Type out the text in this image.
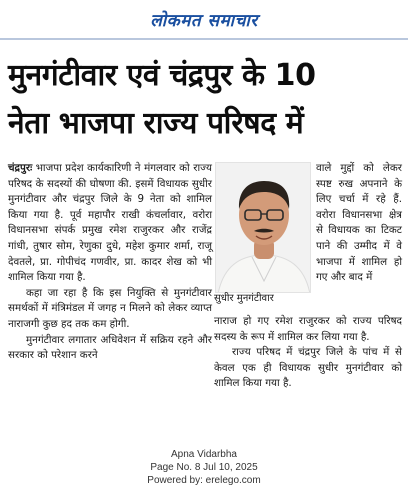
लोकमत समाचार
मुनगंटीवार एवं चंद्रपुर के 10
नेता भाजपा राज्य परिषद में

चंद्रपुरः भाजपा प्रदेश कार्यकारिणी ने मंगलवार को राज्य परिषद के सदस्यों की घोषणा की. इसमें विधायक सुधीर मुनगंटीवार और चंद्रपुर जिले के 9 नेता को शामिल किया गया है. पूर्व महापौर राखी कंचर्लावार, वरोरा विधानसभा संपर्क प्रमुख रमेश राजुरकर और राजेंद्र गांधी, तुषार सोम, रेणुका दुधे, महेश कुमार शर्मा, राजू देवतले, प्रा. गोपीचंद गणवीर, प्रा. कादर शेख को भी शामिल किया गया है.

कहा जा रहा है कि इस नियुक्ति से मुनगंटीवार समर्थकों में मंत्रिमंडल में जगह न मिलने को लेकर व्याप्त नाराजगी कुछ हद तक कम होगी.

मुनगंटीवार लगातार अधिवेशन में सक्रिय रहने और सरकार को परेशान करने

सुधीर मुनगंटीवार
वाले मुद्दों को लेकर स्पष्ट रुख अपनाने के लिए चर्चा में रहे हैं. वरोरा विधानसभा क्षेत्र से विधायक का टिकट पाने की उम्मीद में वे भाजपा में शामिल हो गए और बाद में

नाराज हो गए रमेश राजुरकर को राज्य परिषद सदस्य के रूप में शामिल कर लिया गया है.

राज्य परिषद में चंद्रपुर जिले के पांच में से केवल एक ही विधायक सुधीर मुनगंटीवार को शामिल किया गया है.

Apna Vidarbha
Page No. 8 Jul 10, 2025
Powered by: erelego.com
